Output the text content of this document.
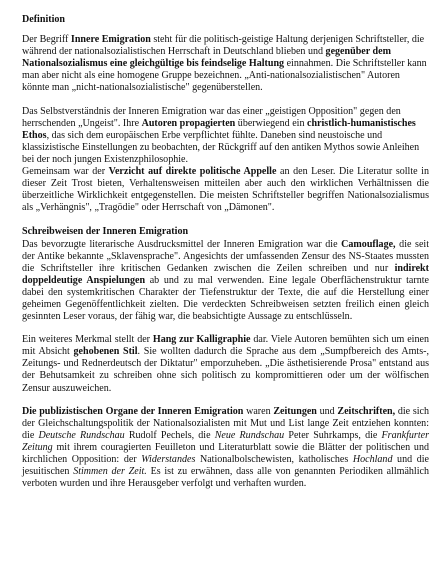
Definition

Der Begriff Innere Emigration steht für die politisch-geistige Haltung derjenigen Schriftsteller, die während der nationalsozialistischen Herrschaft in Deutschland blieben und gegenüber dem Nationalsozialismus eine gleichgültige bis feindselige Haltung einnahmen. Die Schriftsteller kann man aber nicht als eine homogene Gruppe bezeichnen. „Anti-nationalsozialistischen" Autoren könnte man „nicht-nationalsozialistische" gegenüberstellen.

Das Selbstverständnis der Inneren Emigration war das einer „geistigen Opposition" gegen den herrschenden „Ungeist". Ihre Autoren propagierten überwiegend ein christlich-humanistisches Ethos, das sich dem europäischen Erbe verpflichtet fühlte. Daneben sind neustoische und klassizistische Einstellungen zu beobachten, der Rückgriff auf den antiken Mythos sowie Anleihen bei der noch jungen Existenzphilosophie.

Gemeinsam war der Verzicht auf direkte politische Appelle an den Leser. Die Literatur sollte in dieser Zeit Trost bieten, Verhaltensweisen mitteilen aber auch den wirklichen Verhältnissen die überzeitliche Wirklichkeit entgegenstellen. Die meisten Schriftsteller begriffen Nationalsozialismus als „Verhängnis", „Tragödie" oder Herrschaft von „Dämonen".

Schreibweisen der Inneren Emigration

Das bevorzugte literarische Ausdrucksmittel der Inneren Emigration war die Camouflage, die seit der Antike bekannte „Sklavensprache". Angesichts der umfassenden Zensur des NS-Staates mussten die Schriftsteller ihre kritischen Gedanken zwischen die Zeilen schreiben und nur indirekt doppeldeutige Anspielungen ab und zu mal verwenden. Eine legale Oberflächenstruktur tarnte dabei den systemkritischen Charakter der Tiefenstruktur der Texte, die auf die Herstellung einer geheimen Gegenöffentlichkeit zielten. Die verdeckten Schreibweisen setzten freilich einen gleich gesinnten Leser voraus, der fähig war, die beabsichtigte Aussage zu entschlüsseln.

Ein weiteres Merkmal stellt der Hang zur Kalligraphie dar. Viele Autoren bemühten sich um einen mit Absicht gehobenen Stil. Sie wollten dadurch die Sprache aus dem „Sumpfbereich des Amts-, Zeitungs- und Rednerdeutsch der Diktatur" emporzuheben. „Die ästhetisierende Prosa" entstand aus der Behutsamkeit zu schreiben ohne sich politisch zu kompromittieren oder um der wölfischen Zensur auszuweichen.

Die publizistischen Organe der Inneren Emigration waren Zeitungen und Zeitschriften, die sich der Gleichschaltungspolitik der Nationalsozialisten mit Mut und List lange Zeit entziehen konnten: die Deutsche Rundschau Rudolf Pechels, die Neue Rundschau Peter Suhrkamps, die Frankfurter Zeitung mit ihrem couragierten Feuilleton und Literaturblatt sowie die Blätter der politischen und kirchlichen Opposition: der Widerstandes Nationalbolschewisten, katholisches Hochland und die jesuitischen Stimmen der Zeit. Es ist zu erwähnen, dass alle von genannten Periodiken allmählich verboten wurden und ihre Herausgeber verfolgt und verhaften wurden.
